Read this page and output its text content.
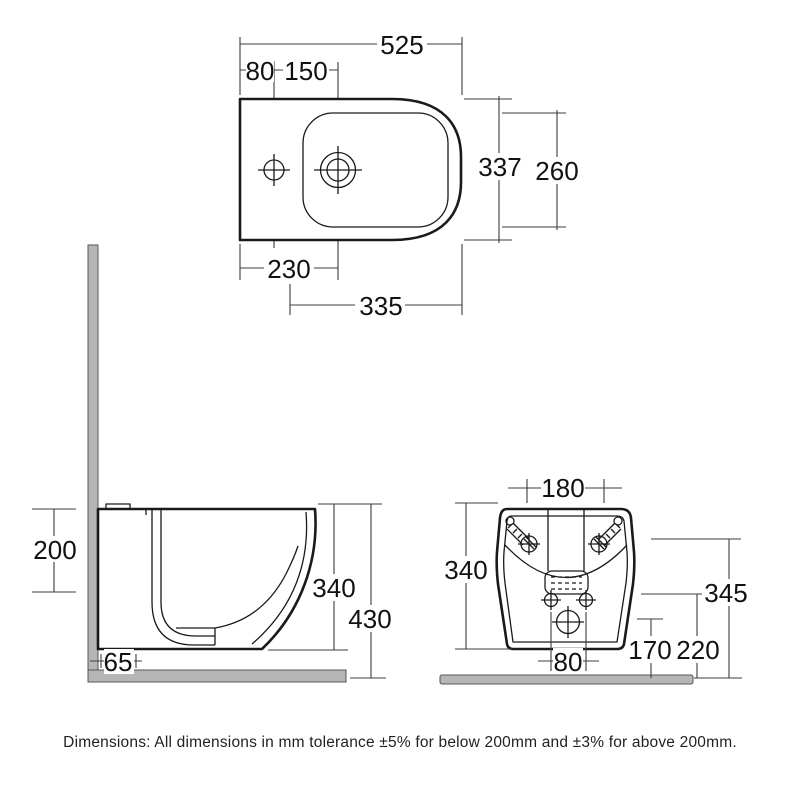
525
80 150
337 260
230
335
200
65
340
430
180
340
345
170 220
80
Dimensions: All dimensions in mm tolerance ±5% for below 200mm and ±3% for above 200mm.
